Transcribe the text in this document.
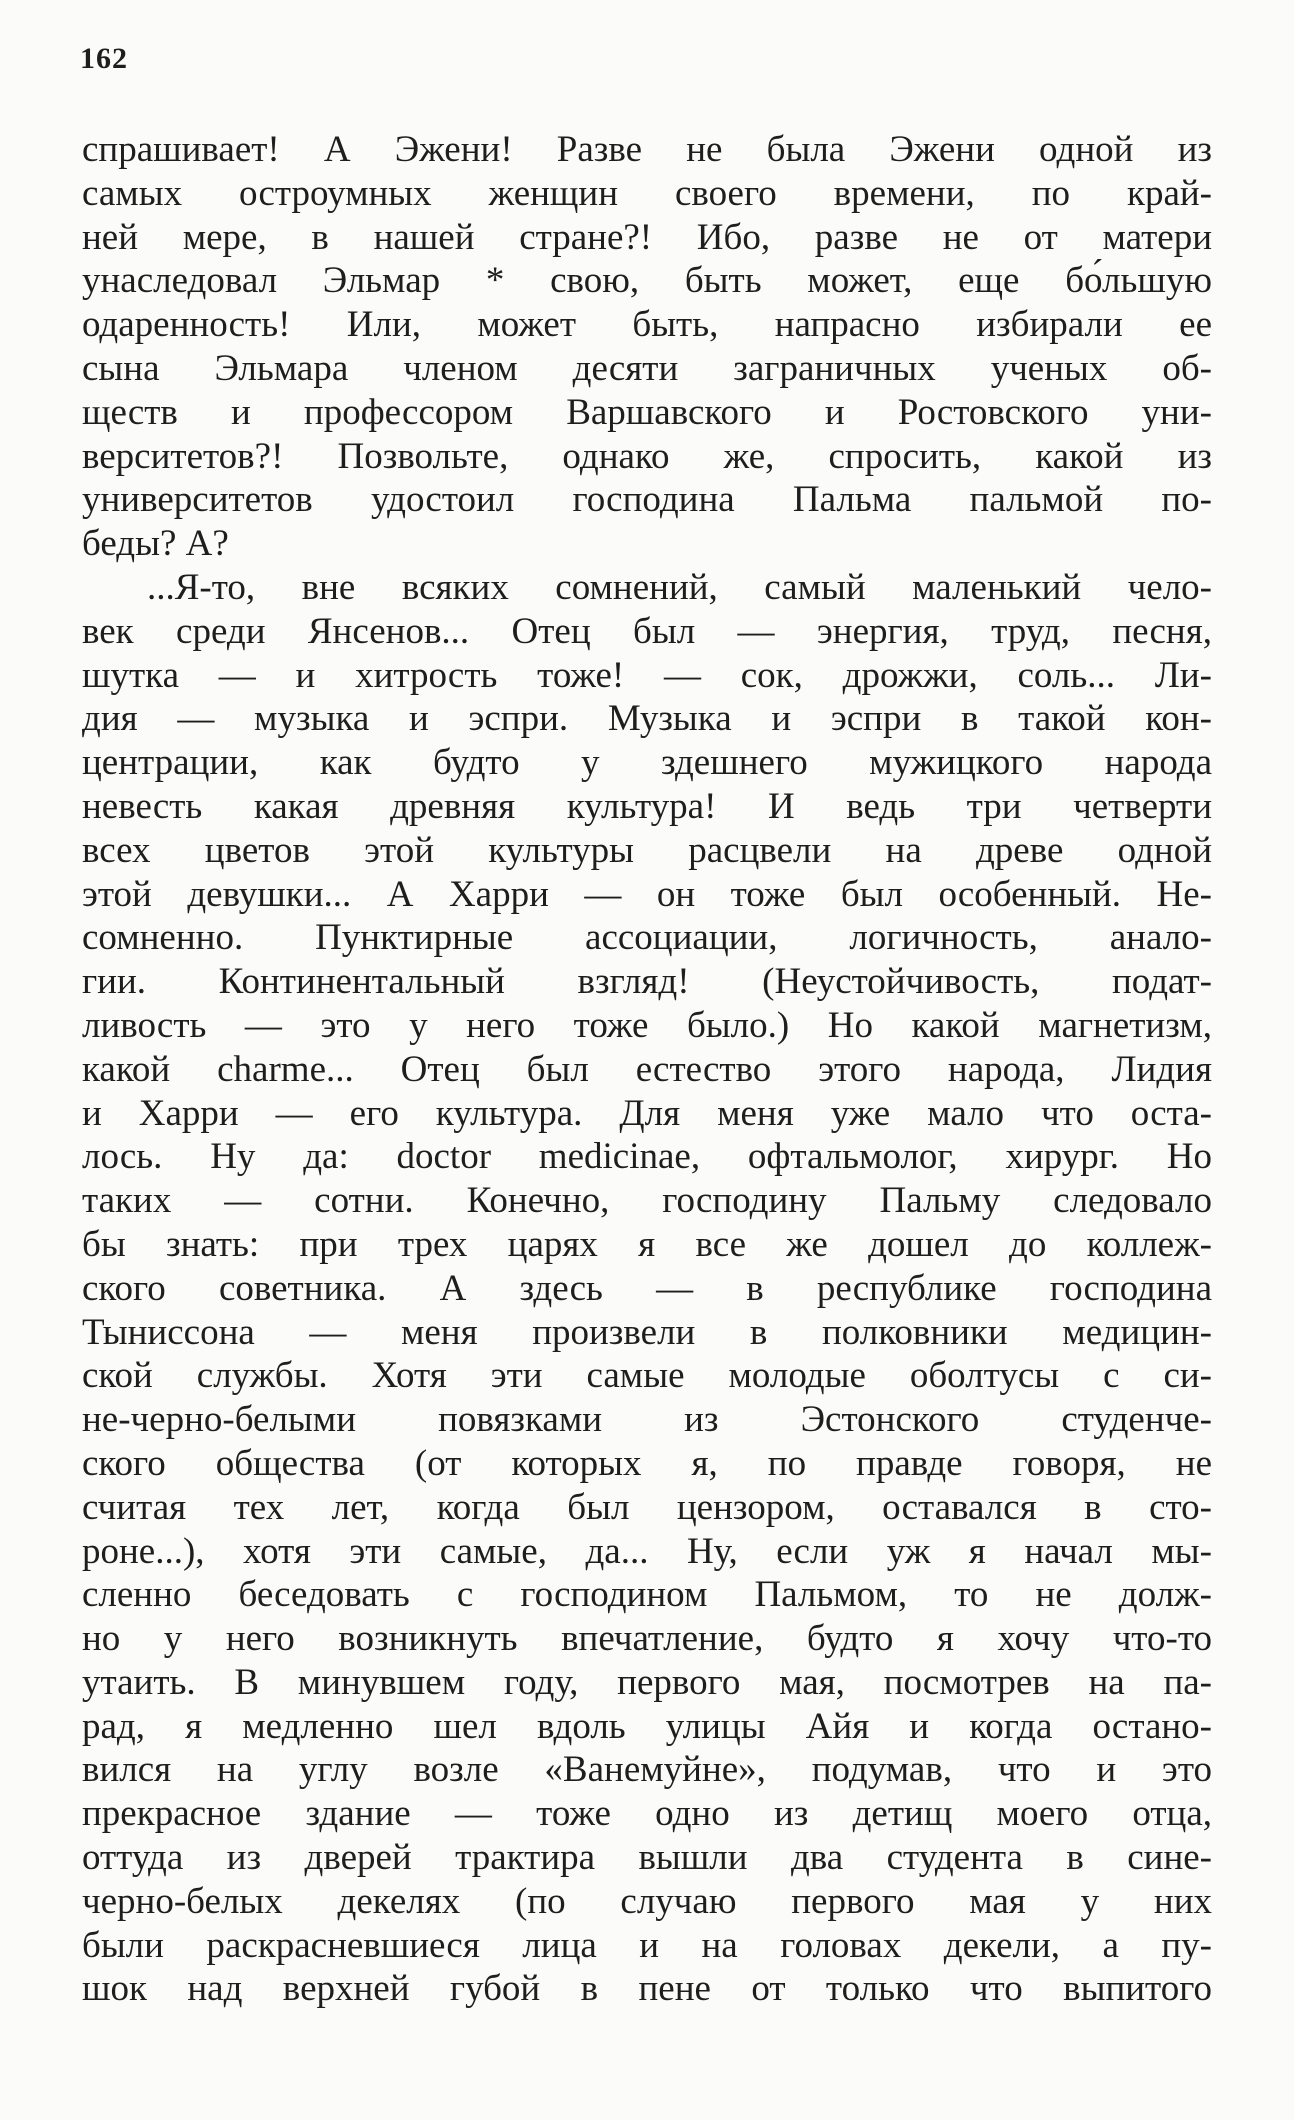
162
спрашивает! А Эжени! Разве не была Эжени одной из
самых остроумных женщин своего времени, по край-
ней мере, в нашей стране?! Ибо, разве не от матери
унаследовал Эльмар * свою, быть может, еще бо́льшую
одаренность! Или, может быть, напрасно избирали ее
сына Эльмара членом десяти заграничных ученых об-
ществ и профессором Варшавского и Ростовского уни-
верситетов?! Позвольте, однако же, спросить, какой из
университетов удостоил господина Пальма пальмой по-
беды? А?
...Я-то, вне всяких сомнений, самый маленький чело-
век среди Янсенов... Отец был — энергия, труд, песня,
шутка — и хитрость тоже! — сок, дрожжи, соль... Ли-
дия — музыка и эспри. Музыка и эспри в такой кон-
центрации, как будто у здешнего мужицкого народа
невесть какая древняя культура! И ведь три четверти
всех цветов этой культуры расцвели на древе одной
этой девушки... А Харри — он тоже был особенный. Не-
сомненно. Пунктирные ассоциации, логичность, анало-
гии. Континентальный взгляд! (Неустойчивость, подат-
ливость — это у него тоже было.) Но какой магнетизм,
какой charme... Отец был естество этого народа, Лидия
и Харри — его культура. Для меня уже мало что оста-
лось. Ну да: doctor medicinae, офтальмолог, хирург. Но
таких — сотни. Конечно, господину Пальму следовало
бы знать: при трех царях я все же дошел до коллеж-
ского советника. А здесь — в республике господина
Тыниссона — меня произвели в полковники медицин-
ской службы. Хотя эти самые молодые оболтусы с си-
не-черно-белыми повязками из Эстонского студенче-
ского общества (от которых я, по правде говоря, не
считая тех лет, когда был цензором, оставался в сто-
роне...), хотя эти самые, да... Ну, если уж я начал мы-
сленно беседовать с господином Пальмом, то не долж-
но у него возникнуть впечатление, будто я хочу что-то
утаить. В минувшем году, первого мая, посмотрев на па-
рад, я медленно шел вдоль улицы Айя и когда остано-
вился на углу возле «Ванемуйне», подумав, что и это
прекрасное здание — тоже одно из детищ моего отца,
оттуда из дверей трактира вышли два студента в сине-
черно-белых декелях (по случаю первого мая у них
были раскрасневшиеся лица и на головах декели, а пу-
шок над верхней губой в пене от только что выпитого
